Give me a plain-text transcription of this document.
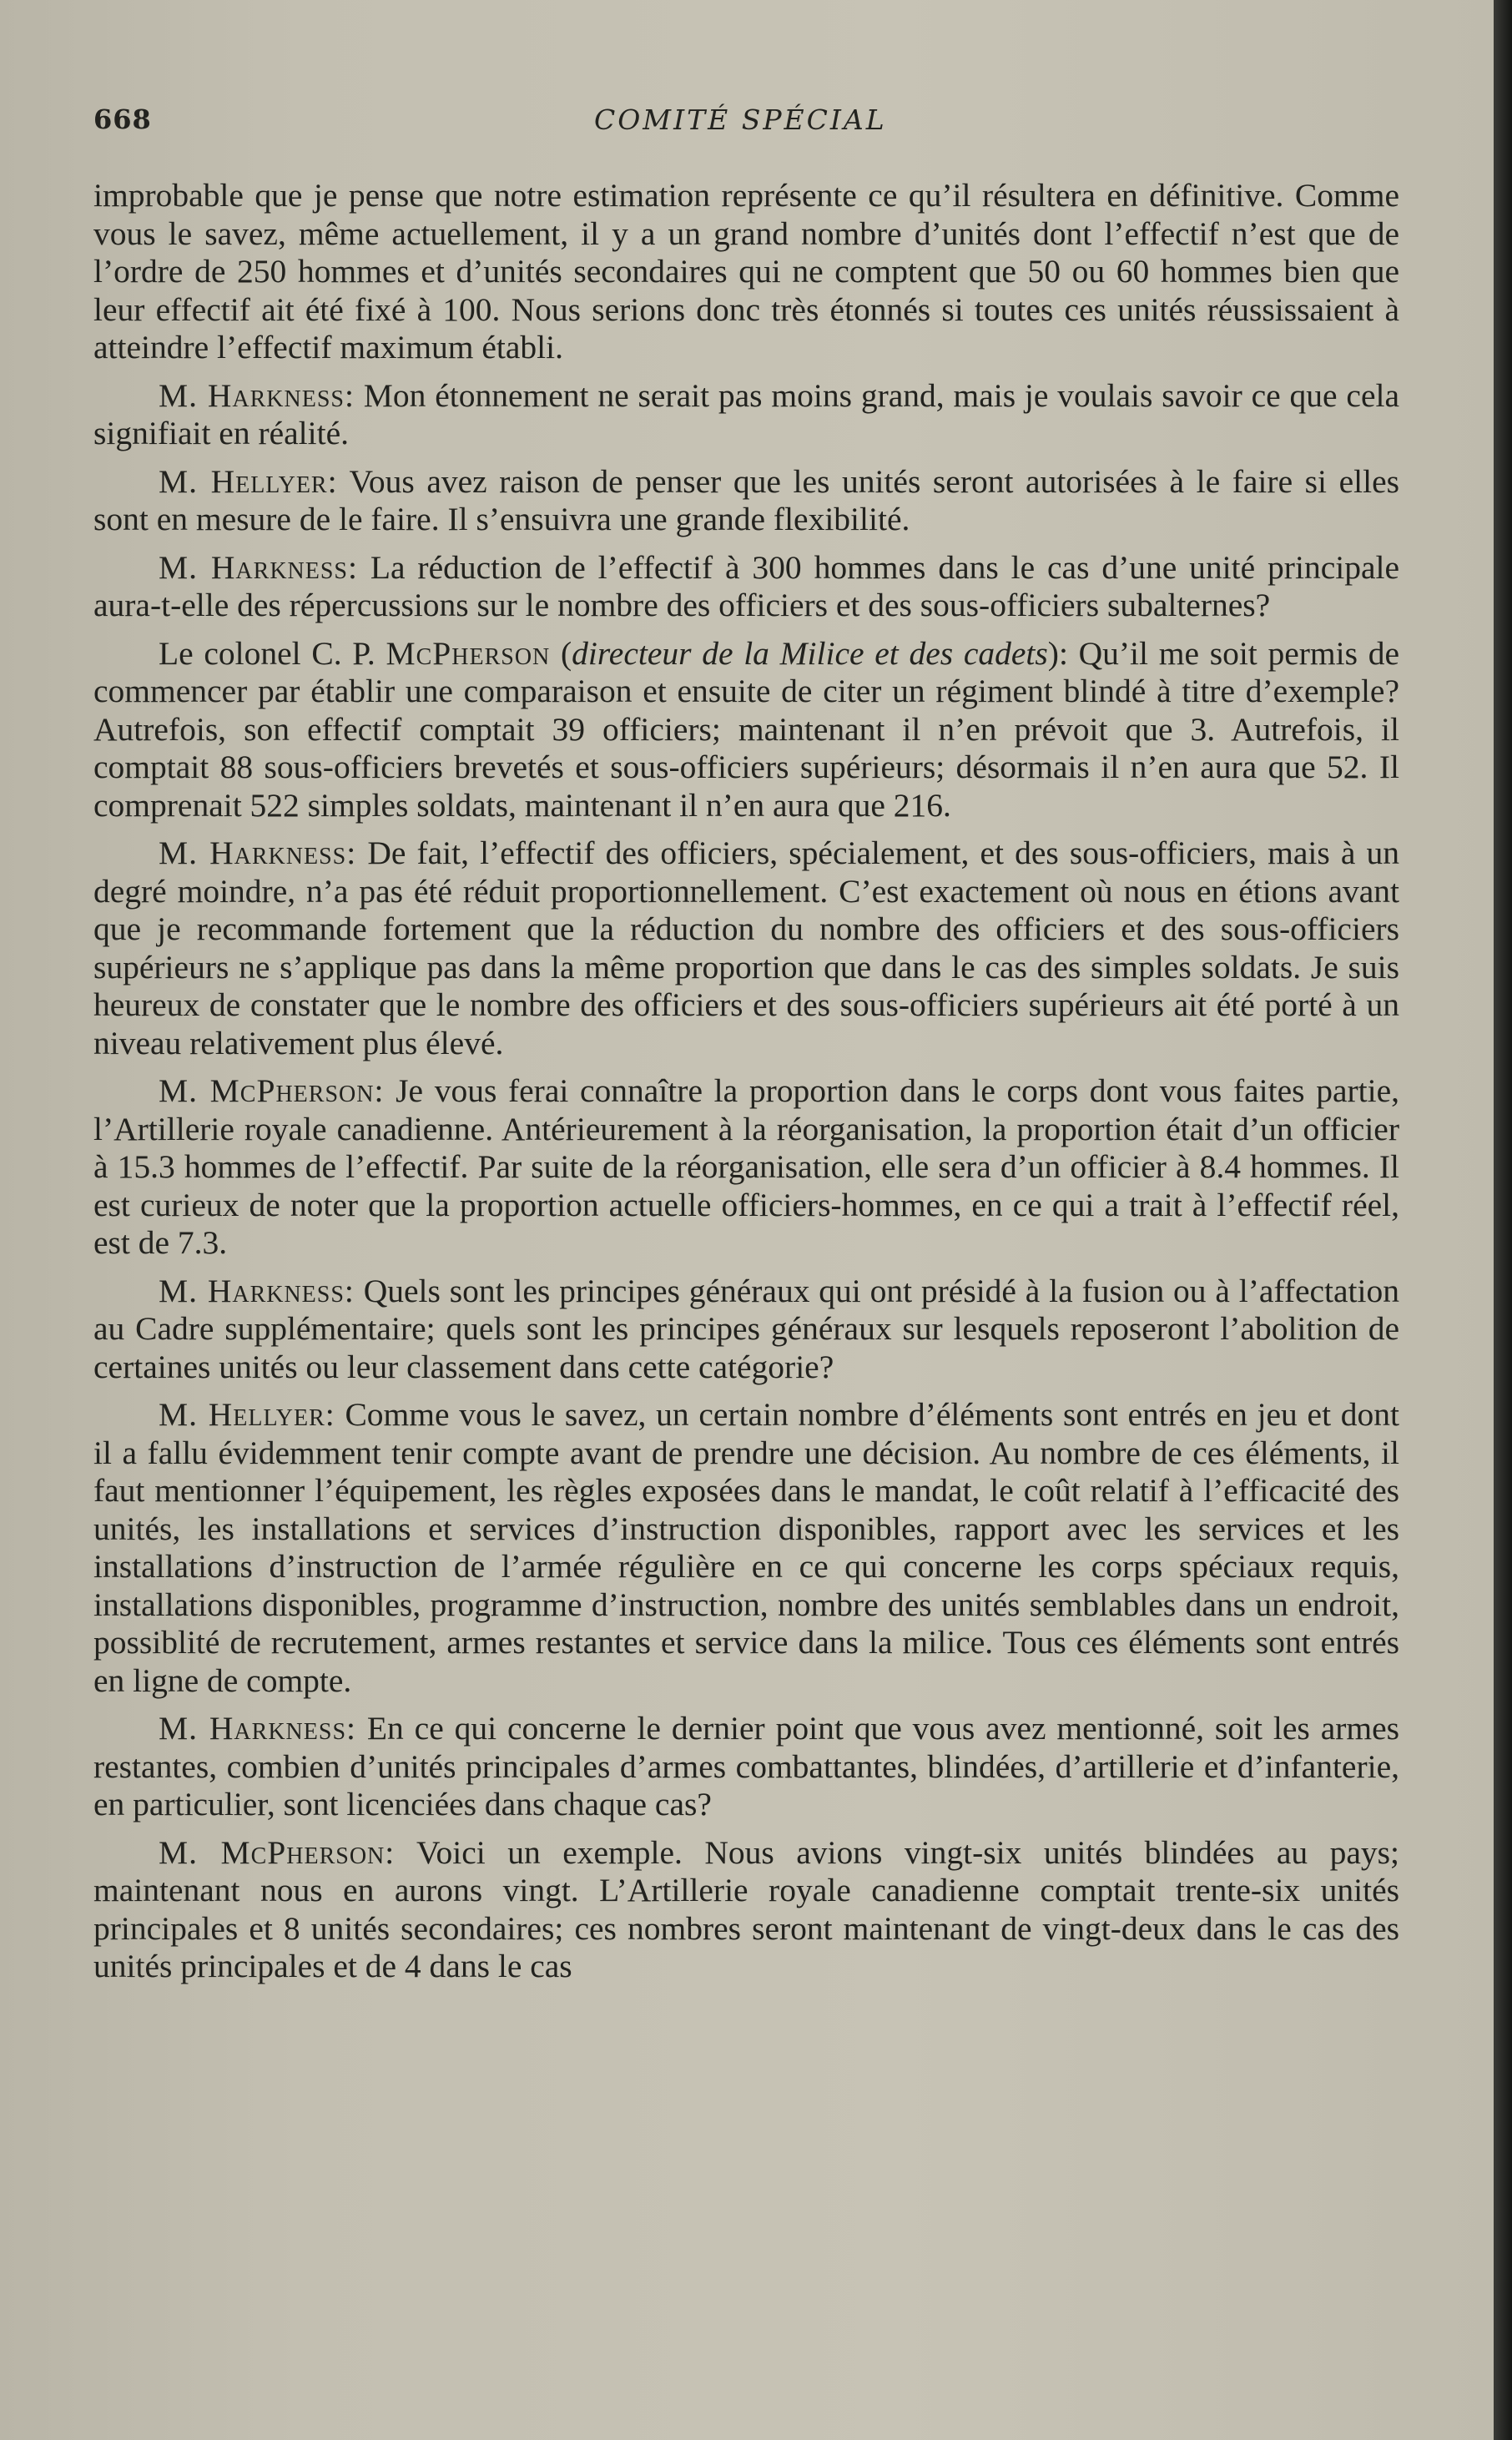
668	COMITÉ SPÉCIAL

improbable que je pense que notre estimation représente ce qu’il résultera en définitive. Comme vous le savez, même actuellement, il y a un grand nombre d’unités dont l’effectif n’est que de l’ordre de 250 hommes et d’unités secondaires qui ne comptent que 50 ou 60 hommes bien que leur effectif ait été fixé à 100. Nous serions donc très étonnés si toutes ces unités réussissaient à atteindre l’effectif maximum établi.

M. Harkness: Mon étonnement ne serait pas moins grand, mais je voulais savoir ce que cela signifiait en réalité.

M. Hellyer: Vous avez raison de penser que les unités seront autorisées à le faire si elles sont en mesure de le faire. Il s’ensuivra une grande flexibilité.

M. Harkness: La réduction de l’effectif à 300 hommes dans le cas d’une unité principale aura-t-elle des répercussions sur le nombre des officiers et des sous-officiers subalternes?

Le colonel C. P. McPherson (directeur de la Milice et des cadets): Qu’il me soit permis de commencer par établir une comparaison et ensuite de citer un régiment blindé à titre d’exemple? Autrefois, son effectif comptait 39 officiers; maintenant il n’en prévoit que 3. Autrefois, il comptait 88 sous-officiers brevetés et sous-officiers supérieurs; désormais il n’en aura que 52. Il comprenait 522 simples soldats, maintenant il n’en aura que 216.

M. Harkness: De fait, l’effectif des officiers, spécialement, et des sous-officiers, mais à un degré moindre, n’a pas été réduit proportionnellement. C’est exactement où nous en étions avant que je recommande fortement que la réduction du nombre des officiers et des sous-officiers supérieurs ne s’applique pas dans la même proportion que dans le cas des simples soldats. Je suis heureux de constater que le nombre des officiers et des sous-officiers supérieurs ait été porté à un niveau relativement plus élevé.

M. McPherson: Je vous ferai connaître la proportion dans le corps dont vous faites partie, l’Artillerie royale canadienne. Antérieurement à la réorganisation, la proportion était d’un officier à 15.3 hommes de l’effectif. Par suite de la réorganisation, elle sera d’un officier à 8.4 hommes. Il est curieux de noter que la proportion actuelle officiers-hommes, en ce qui a trait à l’effectif réel, est de 7.3.

M. Harkness: Quels sont les principes généraux qui ont présidé à la fusion ou à l’affectation au Cadre supplémentaire; quels sont les principes généraux sur lesquels reposeront l’abolition de certaines unités ou leur classement dans cette catégorie?

M. Hellyer: Comme vous le savez, un certain nombre d’éléments sont entrés en jeu et dont il a fallu évidemment tenir compte avant de prendre une décision. Au nombre de ces éléments, il faut mentionner l’équipement, les règles exposées dans le mandat, le coût relatif à l’efficacité des unités, les installations et services d’instruction disponibles, rapport avec les services et les installations d’instruction de l’armée régulière en ce qui concerne les corps spéciaux requis, installations disponibles, programme d’instruction, nombre des unités semblables dans un endroit, possiblité de recrutement, armes restantes et service dans la milice. Tous ces éléments sont entrés en ligne de compte.

M. Harkness: En ce qui concerne le dernier point que vous avez mentionné, soit les armes restantes, combien d’unités principales d’armes combattantes, blindées, d’artillerie et d’infanterie, en particulier, sont licenciées dans chaque cas?

M. McPherson: Voici un exemple. Nous avions vingt-six unités blindées au pays; maintenant nous en aurons vingt. L’Artillerie royale canadienne comptait trente-six unités principales et 8 unités secondaires; ces nombres seront maintenant de vingt-deux dans le cas des unités principales et de 4 dans le cas
